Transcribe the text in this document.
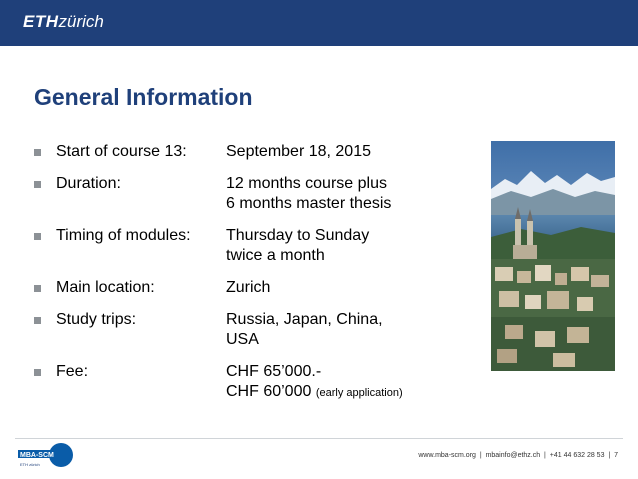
ETHzürich
General Information
Start of course 13:	September 18, 2015
Duration:	12 months course plus
6 months master thesis
Timing of modules:	Thursday to Sunday
twice a month
Main location:	Zurich
Study trips:	Russia, Japan, China,
USA
Fee:	CHF 65’000.-
CHF 60’000 (early application)
MBA-SCM
ETH zürich
www.mba-scm.org  |  mbainfo@ethz.ch  |  +41 44 632 28 53  |  7
